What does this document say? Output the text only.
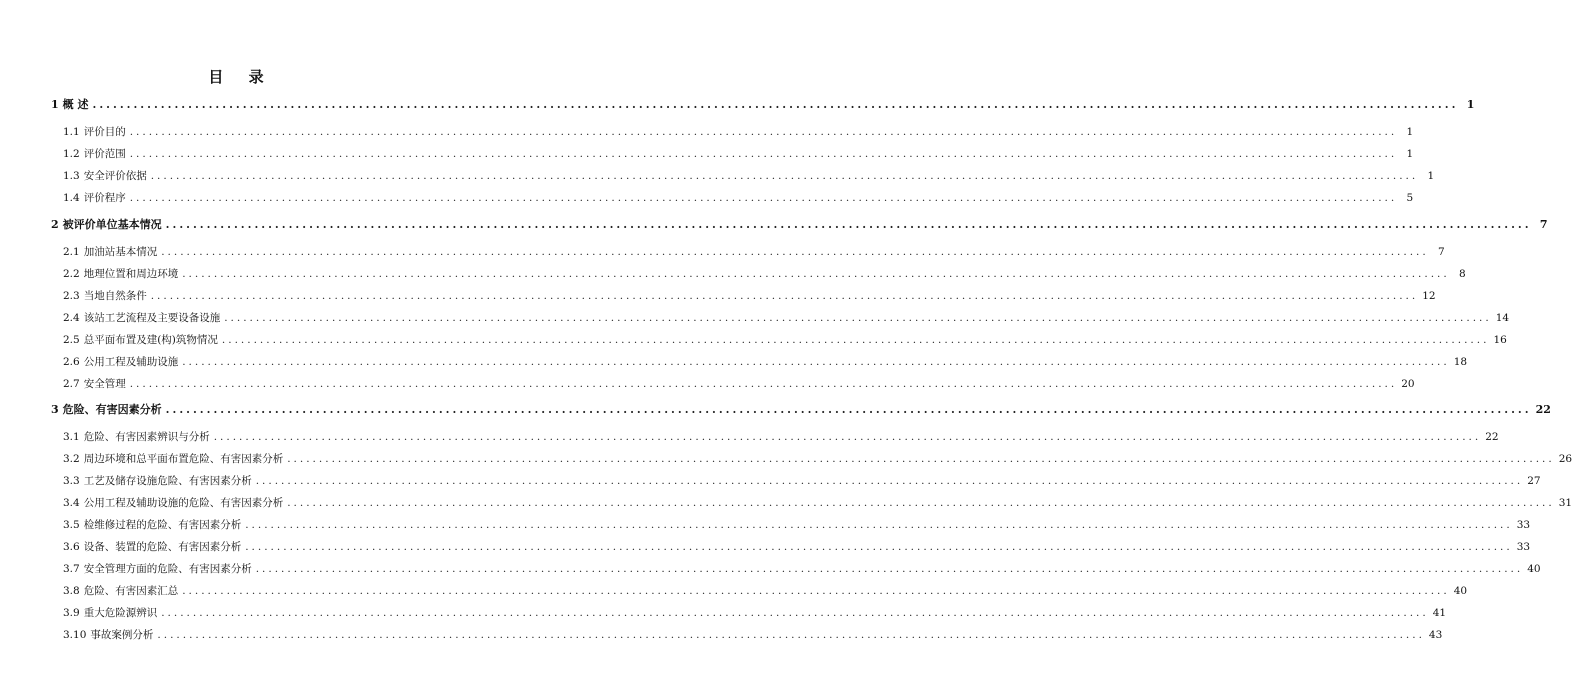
目 录
1 概 述 ........................................................................................................................................................................................................ 1
1.1 评价目的 ........................................................................................................................................................................................................ 1
1.2 评价范围 ........................................................................................................................................................................................................ 1
1.3 安全评价依据 ........................................................................................................................................................................................................ 1
1.4 评价程序 ........................................................................................................................................................................................................ 5
2 被评价单位基本情况 ........................................................................................................................................................................................................ 7
2.1 加油站基本情况 ........................................................................................................................................................................................................ 7
2.2 地理位置和周边环境 ........................................................................................................................................................................................................ 8
2.3 当地自然条件 ........................................................................................................................................................................................................ 12
2.4 该站工艺流程及主要设备设施 ........................................................................................................................................................................................................ 14
2.5 总平面布置及建(构)筑物情况 ........................................................................................................................................................................................................ 16
2.6 公用工程及辅助设施 ........................................................................................................................................................................................................ 18
2.7 安全管理 ........................................................................................................................................................................................................ 20
3 危险、有害因素分析 ........................................................................................................................................................................................................ 22
3.1 危险、有害因素辨识与分析 ........................................................................................................................................................................................................ 22
3.2 周边环境和总平面布置危险、有害因素分析 ........................................................................................................................................................................................................ 26
3.3 工艺及储存设施危险、有害因素分析 ........................................................................................................................................................................................................ 27
3.4 公用工程及辅助设施的危险、有害因素分析 ........................................................................................................................................................................................................ 31
3.5 检维修过程的危险、有害因素分析 ........................................................................................................................................................................................................ 33
3.6 设备、装置的危险、有害因素分析 ........................................................................................................................................................................................................ 33
3.7 安全管理方面的危险、有害因素分析 ........................................................................................................................................................................................................ 40
3.8 危险、有害因素汇总 ........................................................................................................................................................................................................ 40
3.9 重大危险源辨识 ........................................................................................................................................................................................................ 41
3.10 事故案例分析 ........................................................................................................................................................................................................ 43
